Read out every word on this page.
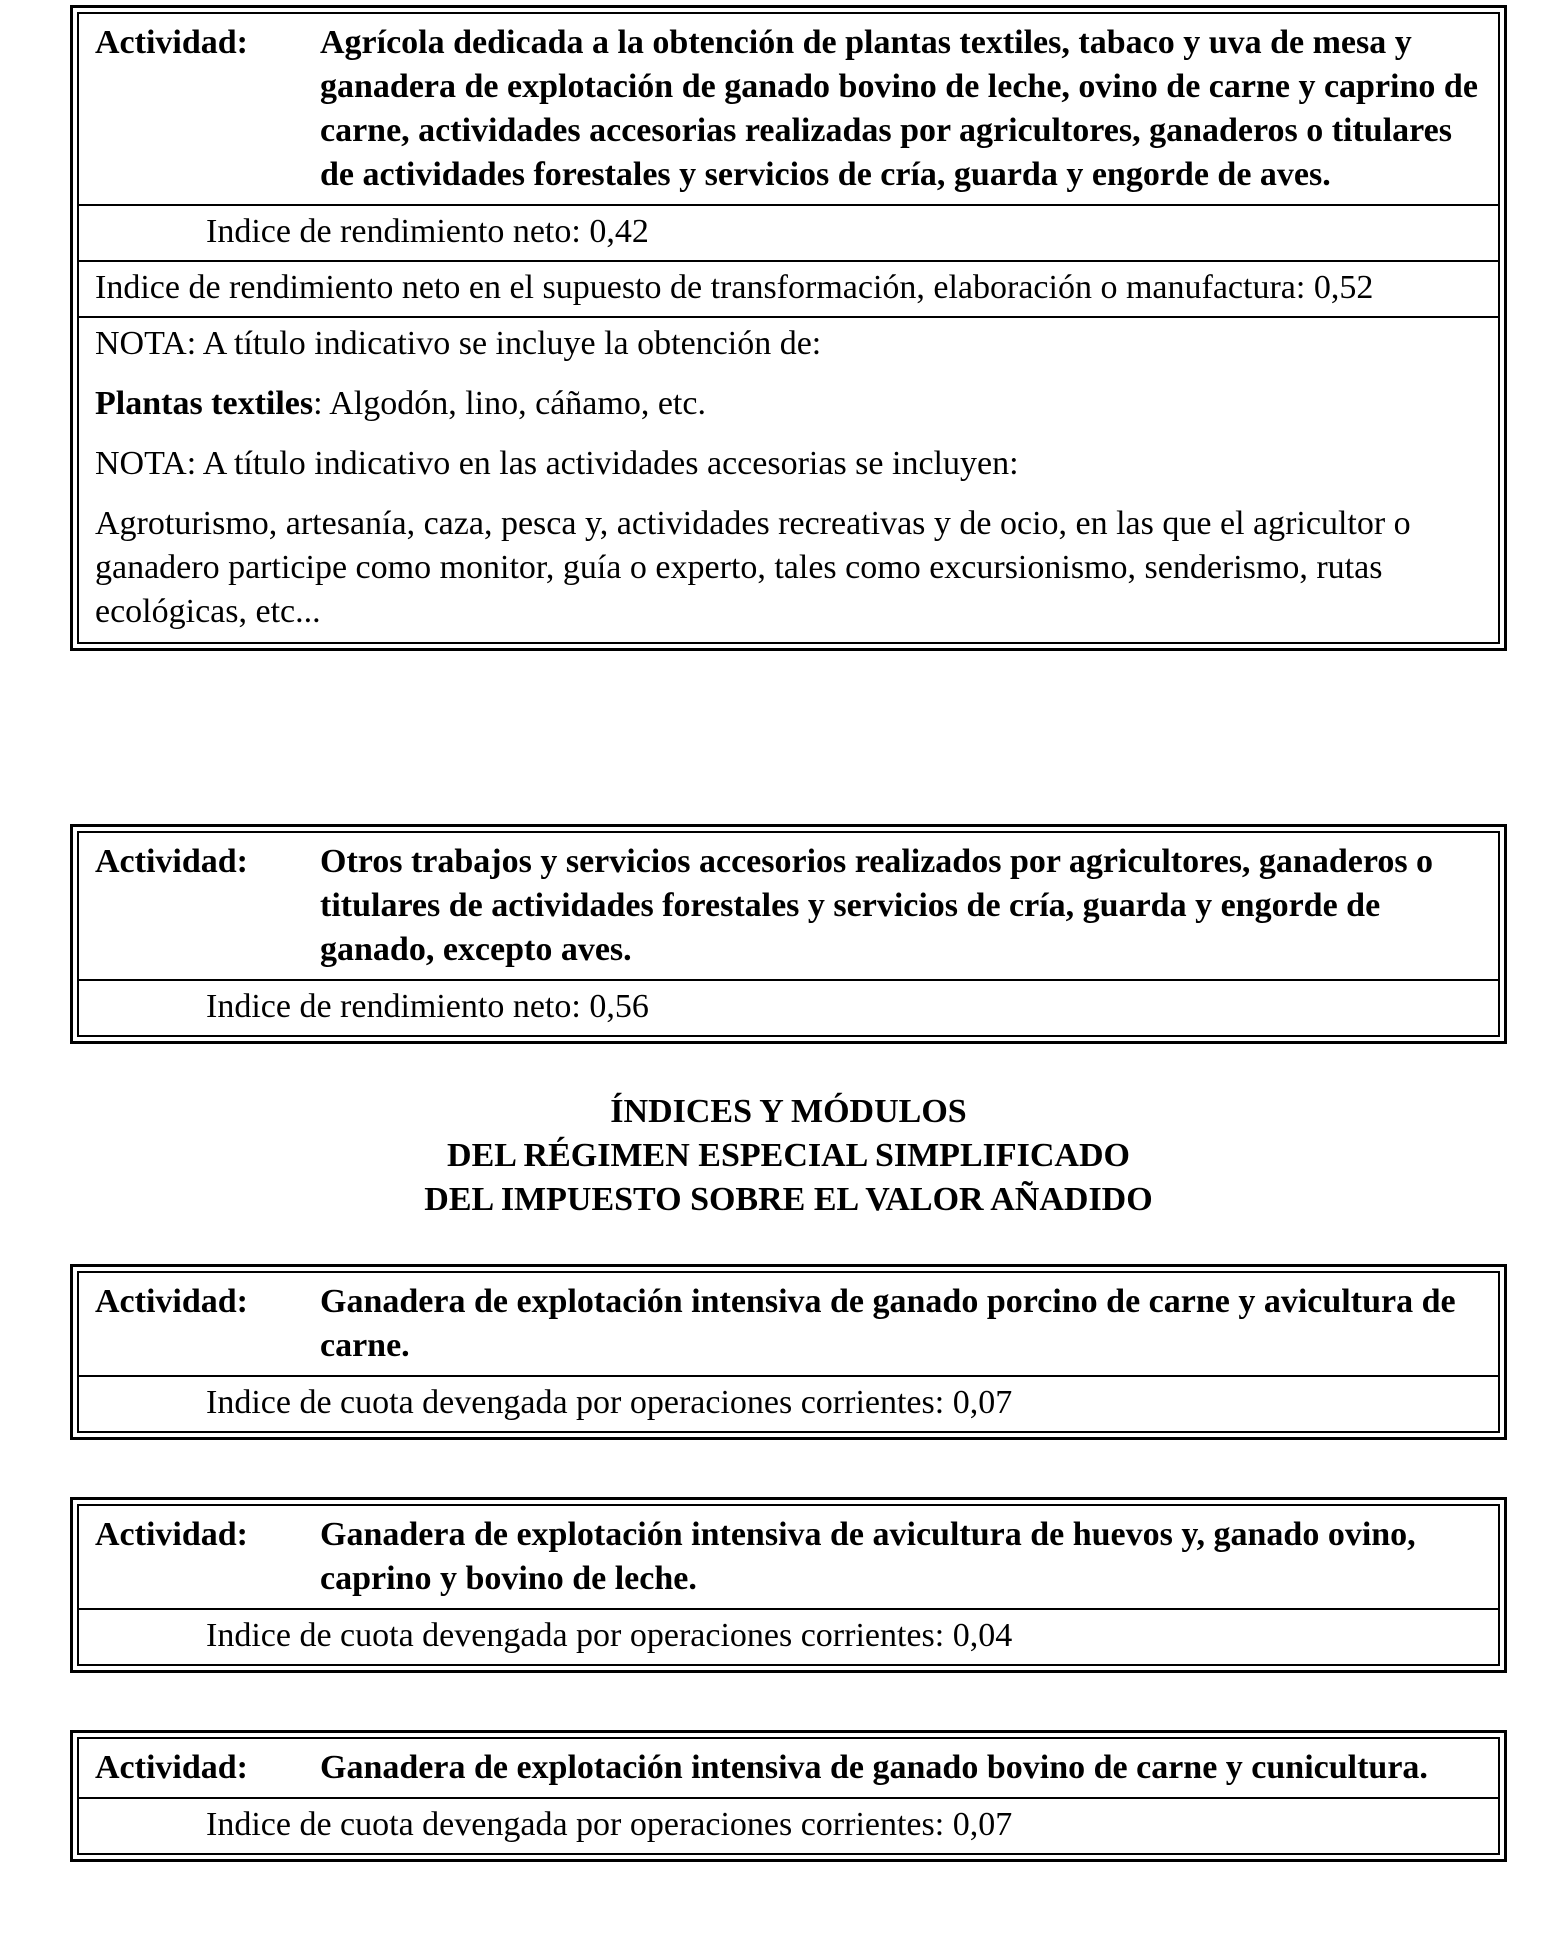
Actividad:	Agrícola dedicada a la obtención de plantas textiles, tabaco y uva de mesa y ganadera de explotación de ganado bovino de leche, ovino de carne y caprino de carne, actividades accesorias realizadas por agricultores, ganaderos o titulares de actividades forestales y servicios de cría, guarda y engorde de aves.
Indice de rendimiento neto: 0,42
Indice de rendimiento neto en el supuesto de transformación, elaboración o manufactura: 0,52

NOTA: A título indicativo se incluye la obtención de:

Plantas textiles: Algodón, lino, cáñamo, etc.

NOTA: A título indicativo en las actividades accesorias se incluyen:

Agroturismo, artesanía, caza, pesca y, actividades recreativas y de ocio, en las que el agricultor o ganadero participe como monitor, guía o experto, tales como excursionismo, senderismo, rutas ecológicas, etc...

Actividad:	Otros trabajos y servicios accesorios realizados por agricultores, ganaderos o titulares de actividades forestales y servicios de cría, guarda y engorde de ganado, excepto aves.
Indice de rendimiento neto: 0,56
ÍNDICES Y MÓDULOS
DEL RÉGIMEN ESPECIAL SIMPLIFICADO
DEL IMPUESTO SOBRE EL VALOR AÑADIDO
Actividad:	Ganadera de explotación intensiva de ganado porcino de carne y avicultura de carne.
Indice de cuota devengada por operaciones corrientes: 0,07
Actividad:	Ganadera de explotación intensiva de avicultura de huevos y, ganado ovino, caprino y bovino de leche.
Indice de cuota devengada por operaciones corrientes: 0,04
Actividad: Ganadera de explotación intensiva de ganado bovino de carne y cunicultura.
Indice de cuota devengada por operaciones corrientes: 0,07
